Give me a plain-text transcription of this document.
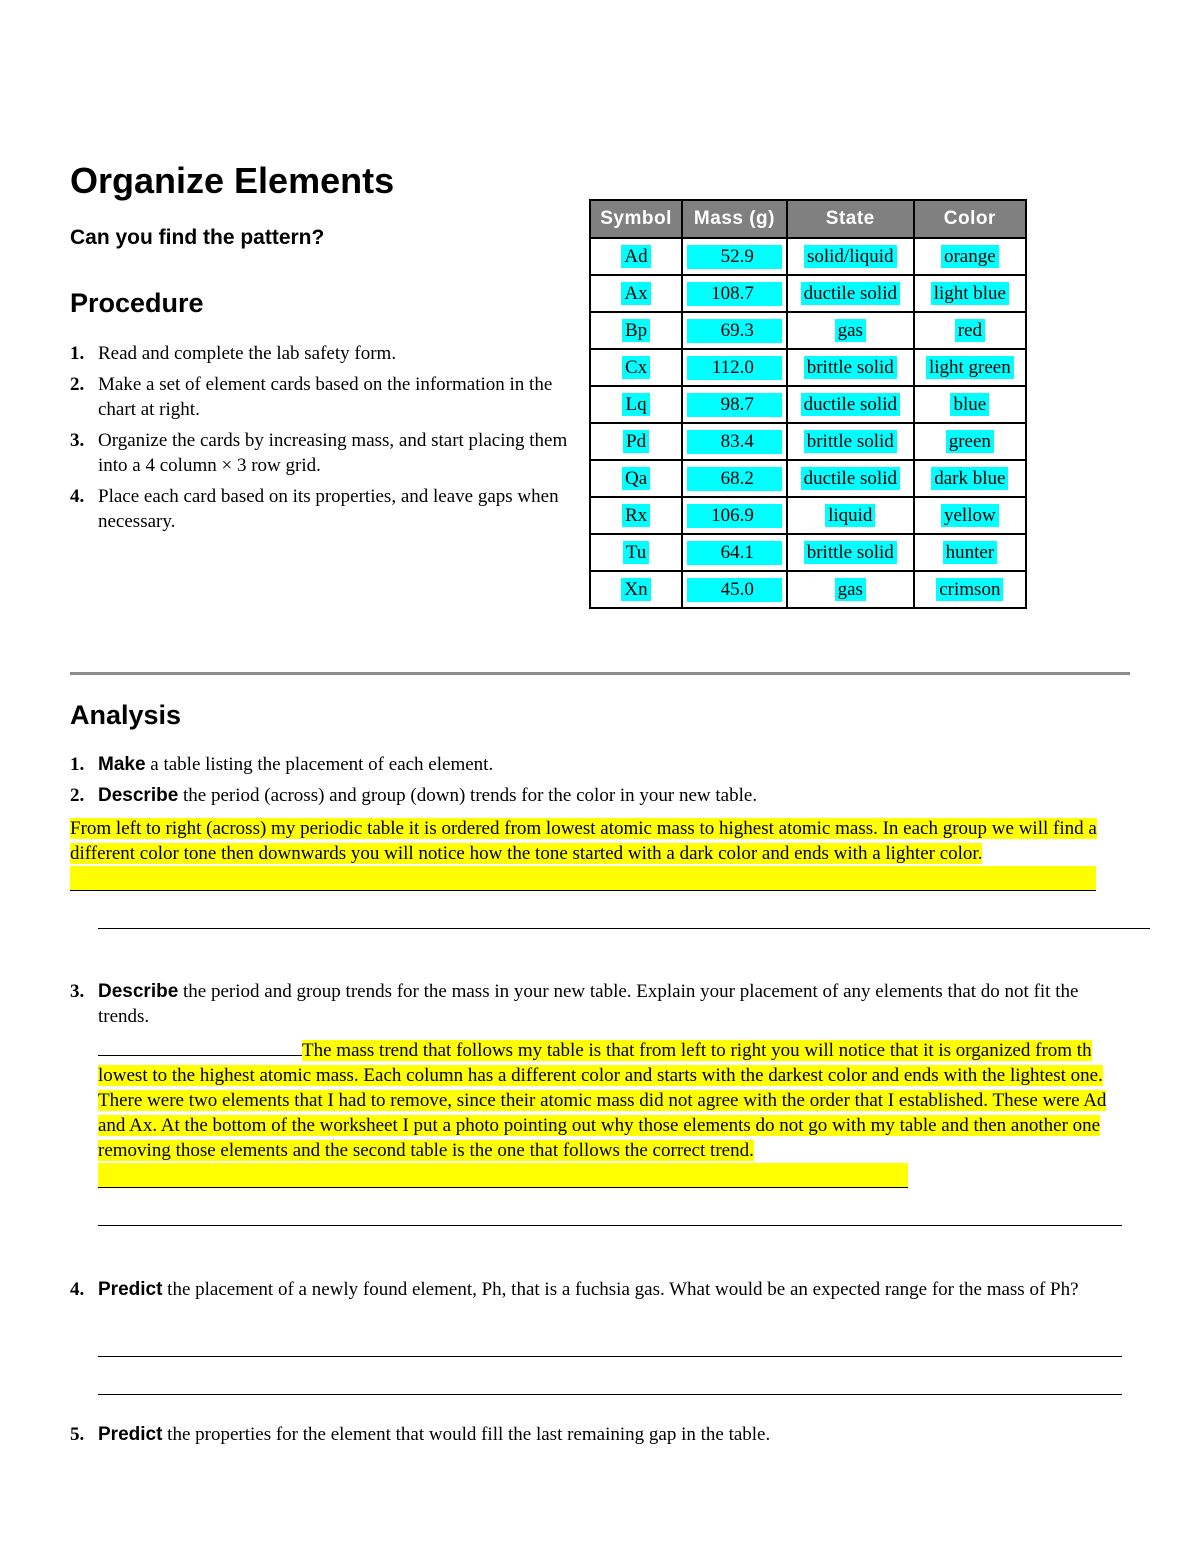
Organize Elements
Can you find the pattern?
Procedure
1. Read and complete the lab safety form.
2. Make a set of element cards based on the information in the chart at right.
3. Organize the cards by increasing mass, and start placing them into a 4 column × 3 row grid.
4. Place each card based on its properties, and leave gaps when necessary.
Symbol	Mass (g)	State	Color
Ad	52.9	solid/liquid	orange
Ax	108.7	ductile solid	light blue
Bp	69.3	gas	red
Cx	112.0	brittle solid	light green
Lq	98.7	ductile solid	blue
Pd	83.4	brittle solid	green
Qa	68.2	ductile solid	dark blue
Rx	106.9	liquid	yellow
Tu	64.1	brittle solid	hunter
Xn	45.0	gas	crimson
Analysis
1. Make a table listing the placement of each element.
2. Describe the period (across) and group (down) trends for the color in your new table.
From left to right (across) my periodic table it is ordered from lowest atomic mass to highest atomic mass. In each group we will find a different color tone then downwards you will notice how the tone started with a dark color and ends with a lighter color.
3. Describe the period and group trends for the mass in your new table. Explain your placement of any elements that do not fit the trends.
The mass trend that follows my table is that from left to right you will notice that it is organized from th lowest to the highest atomic mass. Each column has a different color and starts with the darkest color and ends with the lightest one. There were two elements that I had to remove, since their atomic mass did not agree with the order that I established. These were Ad and Ax. At the bottom of the worksheet I put a photo pointing out why those elements do not go with my table and then another one removing those elements and the second table is the one that follows the correct trend.
4. Predict the placement of a newly found element, Ph, that is a fuchsia gas. What would be an expected range for the mass of Ph?
5. Predict the properties for the element that would fill the last remaining gap in the table.
